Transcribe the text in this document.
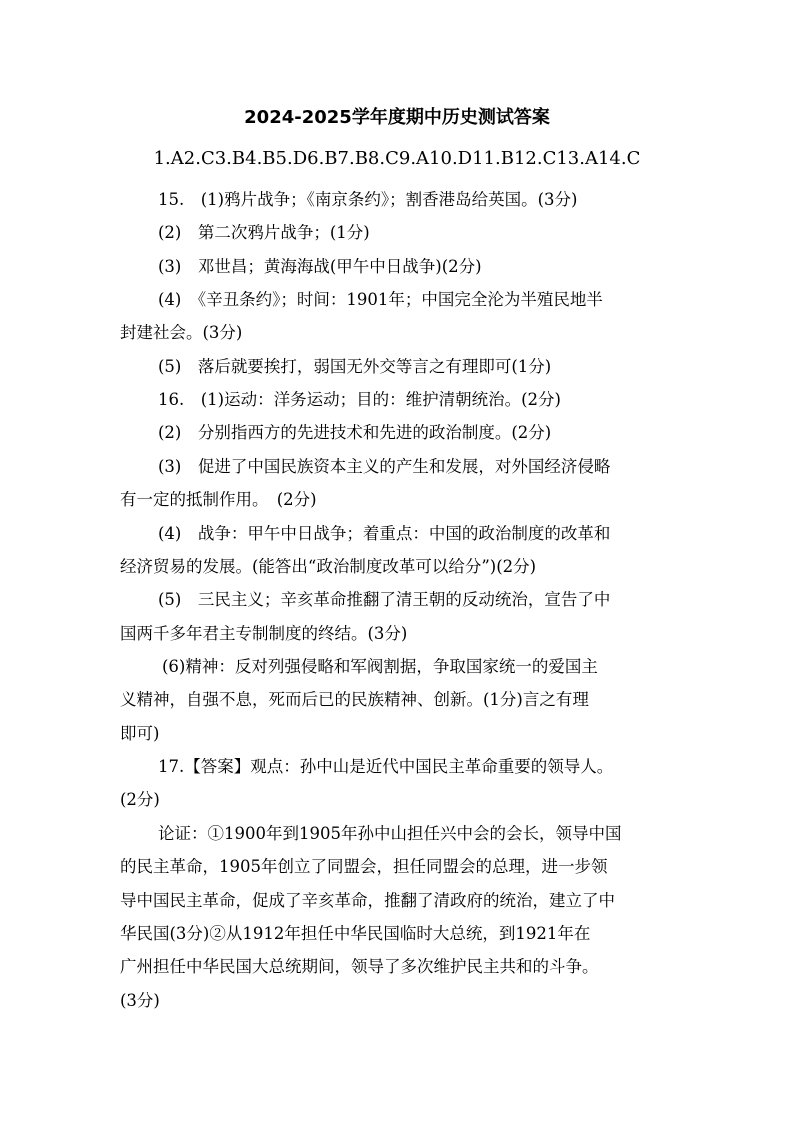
2024-2025学年度期中历史测试答案
1.A2.C3.B4.B5.D6.B7.B8.C9.A10.D11.B12.C13.A14.C
15.　(1)鸦片战争；《南京条约》；割香港岛给英国。(3分)
(2)　第二次鸦片战争；(1分)
(3)　邓世昌；黄海海战(甲午中日战争)(2分)
(4)　《辛丑条约》；时间：1901年；中国完全沦为半殖民地半
封建社会。(3分)
(5)　落后就要挨打，弱国无外交等言之有理即可(1分)
16.　(1)运动：洋务运动；目的：维护清朝统治。(2分)
(2)　分别指西方的先进技术和先进的政治制度。(2分)
(3)　促进了中国民族资本主义的产生和发展，对外国经济侵略
有一定的抵制作用。　(2分)
(4)　战争：甲午中日战争；着重点：中国的政治制度的改革和
经济贸易的发展。(能答出“政治制度改革可以给分”)(2分)
(5)　三民主义；辛亥革命推翻了清王朝的反动统治，宣告了中
国两千多年君主专制制度的终结。(3分)
(6)精神：反对列强侵略和军阀割据，争取国家统一的爱国主
义精神，自强不息，死而后已的民族精神、创新。(1分)言之有理
即可)
17.【答案】观点：孙中山是近代中国民主革命重要的领导人。
(2分)
论证：①1900年到1905年孙中山担任兴中会的会长，领导中国
的民主革命，1905年创立了同盟会，担任同盟会的总理，进一步领
导中国民主革命，促成了辛亥革命，推翻了清政府的统治，建立了中
华民国(3分)②从1912年担任中华民国临时大总统，到1921年在
广州担任中华民国大总统期间，领导了多次维护民主共和的斗争。
(3分)
